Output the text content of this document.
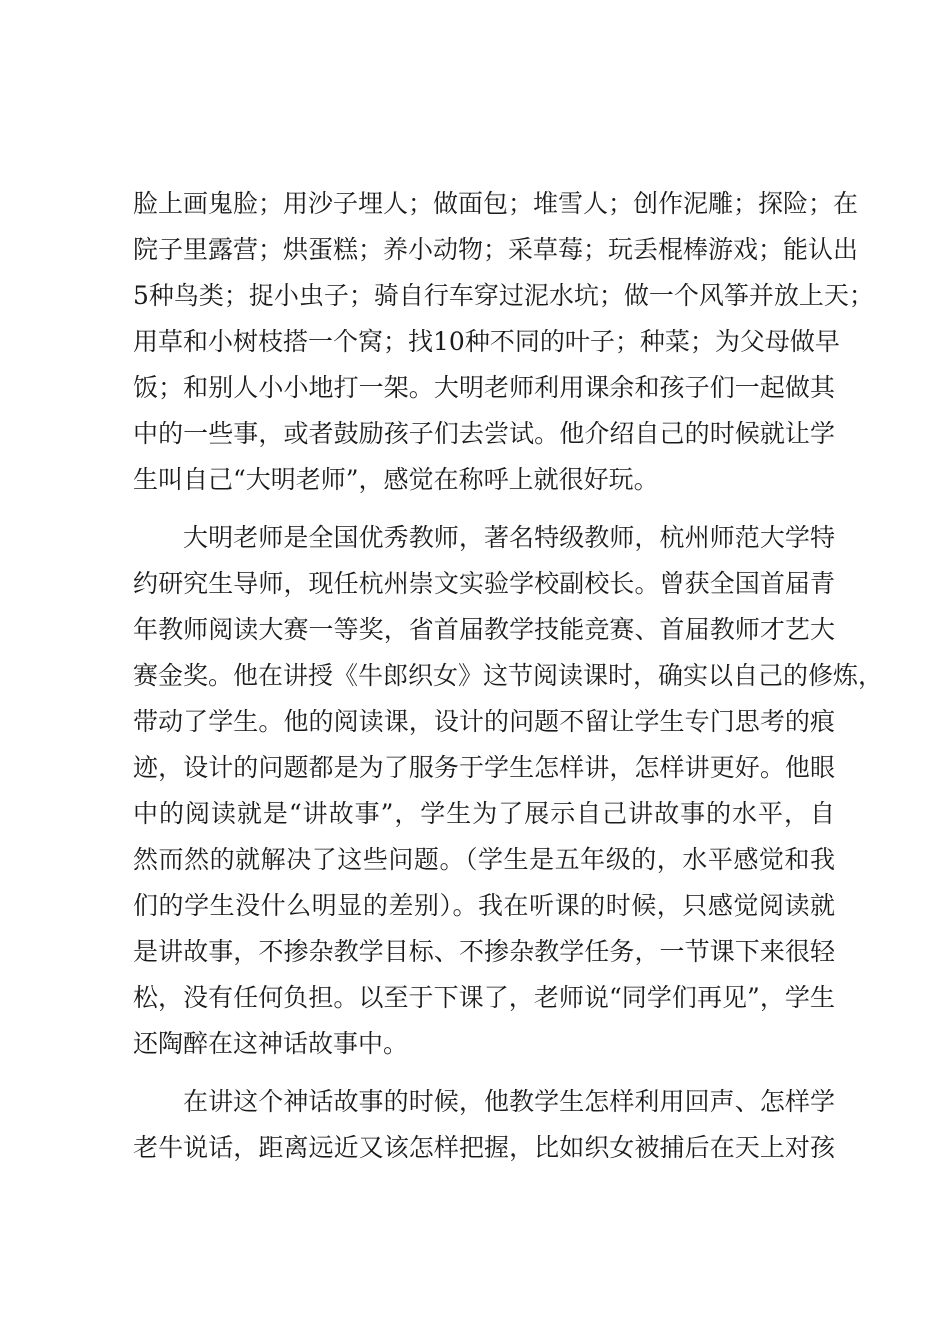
脸上画鬼脸；用沙子埋人；做面包；堆雪人；创作泥雕；探险；在
院子里露营；烘蛋糕；养小动物；采草莓；玩丢棍棒游戏；能认出
5种鸟类；捉小虫子；骑自行车穿过泥水坑；做一个风筝并放上天；
用草和小树枝搭一个窝；找10种不同的叶子；种菜；为父母做早
饭；和别人小小地打一架。大明老师利用课余和孩子们一起做其
中的一些事，或者鼓励孩子们去尝试。他介绍自己的时候就让学
生叫自己“大明老师”，感觉在称呼上就很好玩。
大明老师是全国优秀教师，著名特级教师，杭州师范大学特
约研究生导师，现任杭州崇文实验学校副校长。曾获全国首届青
年教师阅读大赛一等奖，省首届教学技能竞赛、首届教师才艺大
赛金奖。他在讲授《牛郎织女》这节阅读课时，确实以自己的修炼，
带动了学生。他的阅读课，设计的问题不留让学生专门思考的痕
迹，设计的问题都是为了服务于学生怎样讲，怎样讲更好。他眼
中的阅读就是“讲故事”，学生为了展示自己讲故事的水平，自
然而然的就解决了这些问题。（学生是五年级的，水平感觉和我
们的学生没什么明显的差别）。我在听课的时候，只感觉阅读就
是讲故事，不掺杂教学目标、不掺杂教学任务，一节课下来很轻
松，没有任何负担。以至于下课了，老师说“同学们再见”，学生
还陶醉在这神话故事中。
在讲这个神话故事的时候，他教学生怎样利用回声、怎样学
老牛说话，距离远近又该怎样把握，比如织女被捕后在天上对孩
